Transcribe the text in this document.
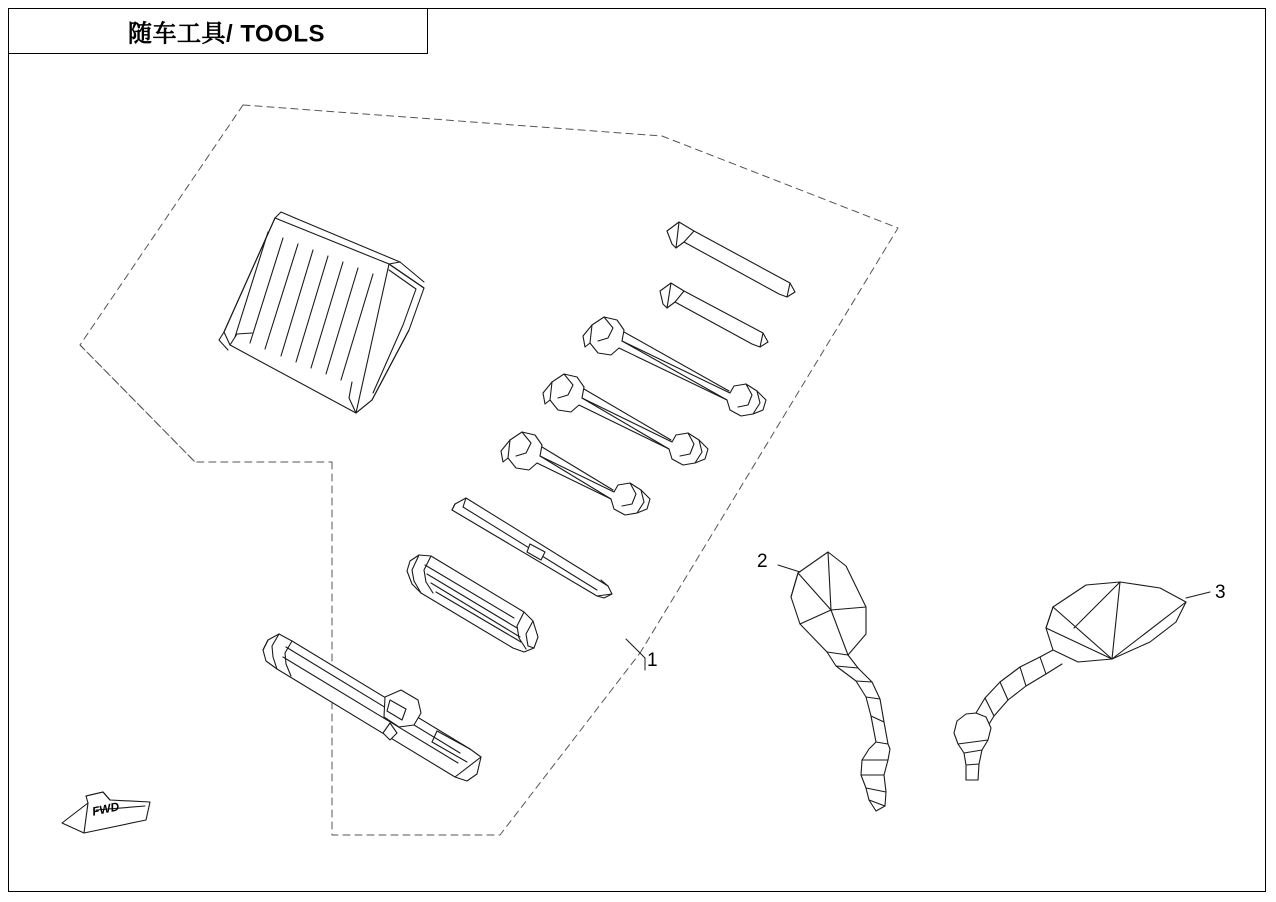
随车工具/ TOOLS
1
2
3
FWD
